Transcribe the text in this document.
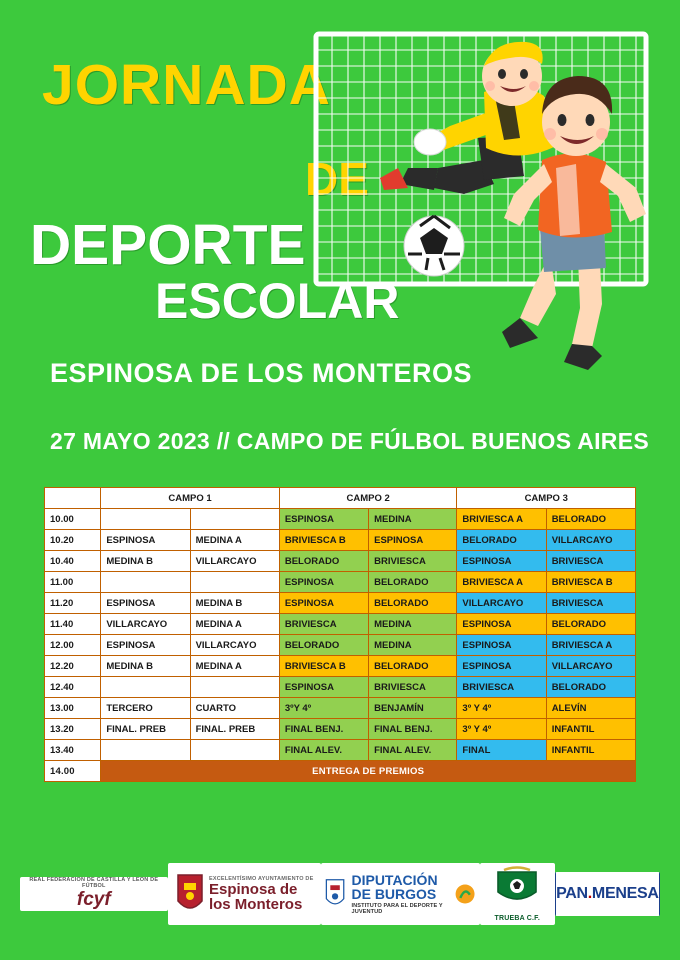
JORNADA
DE
DEPORTE
ESCOLAR
ESPINOSA DE LOS MONTEROS
27 MAYO 2023 // CAMPO DE FÚLBOL BUENOS AIRES
	CAMPO 1		CAMPO 2		CAMPO 3	
10.00			ESPINOSA	MEDINA	BRIVIESCA A	BELORADO
10.20	ESPINOSA	MEDINA A	BRIVIESCA B	ESPINOSA	BELORADO	VILLARCAYO
10.40	MEDINA B	VILLARCAYO	BELORADO	BRIVIESCA	ESPINOSA	BRIVIESCA
11.00			ESPINOSA	BELORADO	BRIVIESCA A	BRIVIESCA B
11.20	ESPINOSA	MEDINA B	ESPINOSA	BELORADO	VILLARCAYO	BRIVIESCA
11.40	VILLARCAYO	MEDINA A	BRIVIESCA	MEDINA	ESPINOSA	BELORADO
12.00	ESPINOSA	VILLARCAYO	BELORADO	MEDINA	ESPINOSA	BRIVIESCA A
12.20	MEDINA B	MEDINA A	BRIVIESCA B	BELORADO	ESPINOSA	VILLARCAYO
12.40			ESPINOSA	BRIVIESCA	BRIVIESCA	BELORADO
13.00	TERCERO	CUARTO	3ºY 4º	BENJAMÍN	3º Y 4º	ALEVÍN
13.20	FINAL. PREB	FINAL. PREB	FINAL BENJ.	FINAL BENJ.	3º Y 4º	INFANTIL
13.40			FINAL ALEV.	FINAL ALEV.	FINAL	INFANTIL
14.00	ENTREGA DE PREMIOS					
REAL FEDERACIÓN DE CASTILLA Y LEÓN DE FÚTBOL
fcyf
EXCELENTÍSIMO AYUNTAMIENTO DE
Espinosa de
los Monteros
DIPUTACIÓN
DE BURGOS
INSTITUTO PARA EL DEPORTE Y JUVENTUD
TRUEBA C.F.
PAN.MENESA
